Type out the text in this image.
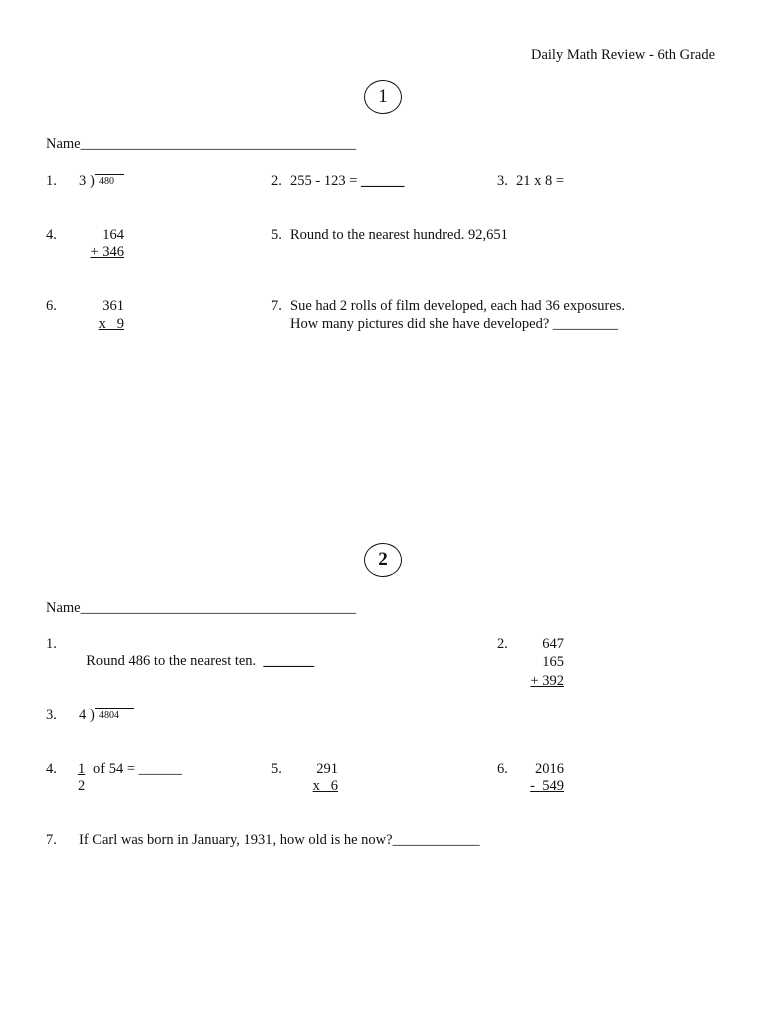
Daily Math Review - 6th Grade
1
Name______________________________________
1. 3 ) 480	2. 255 - 123 = ______	3. 21 x 8 =
4.	164
+ 346
5. Round to the nearest hundred. 92,651
6.	361
x   9
7. Sue had 2 rolls of film developed, each had 36 exposures.
How many pictures did she have developed? _________
2
Name______________________________________
1.

Round 486 to the nearest ten.  _______

2.	647
165
+ 392
3. 4 ) 4804
4. 1
2
of 54 = ______	5.	291
x   6
6.	2016
-  549
7. If Carl was born in January, 1931, how old is he now?____________
